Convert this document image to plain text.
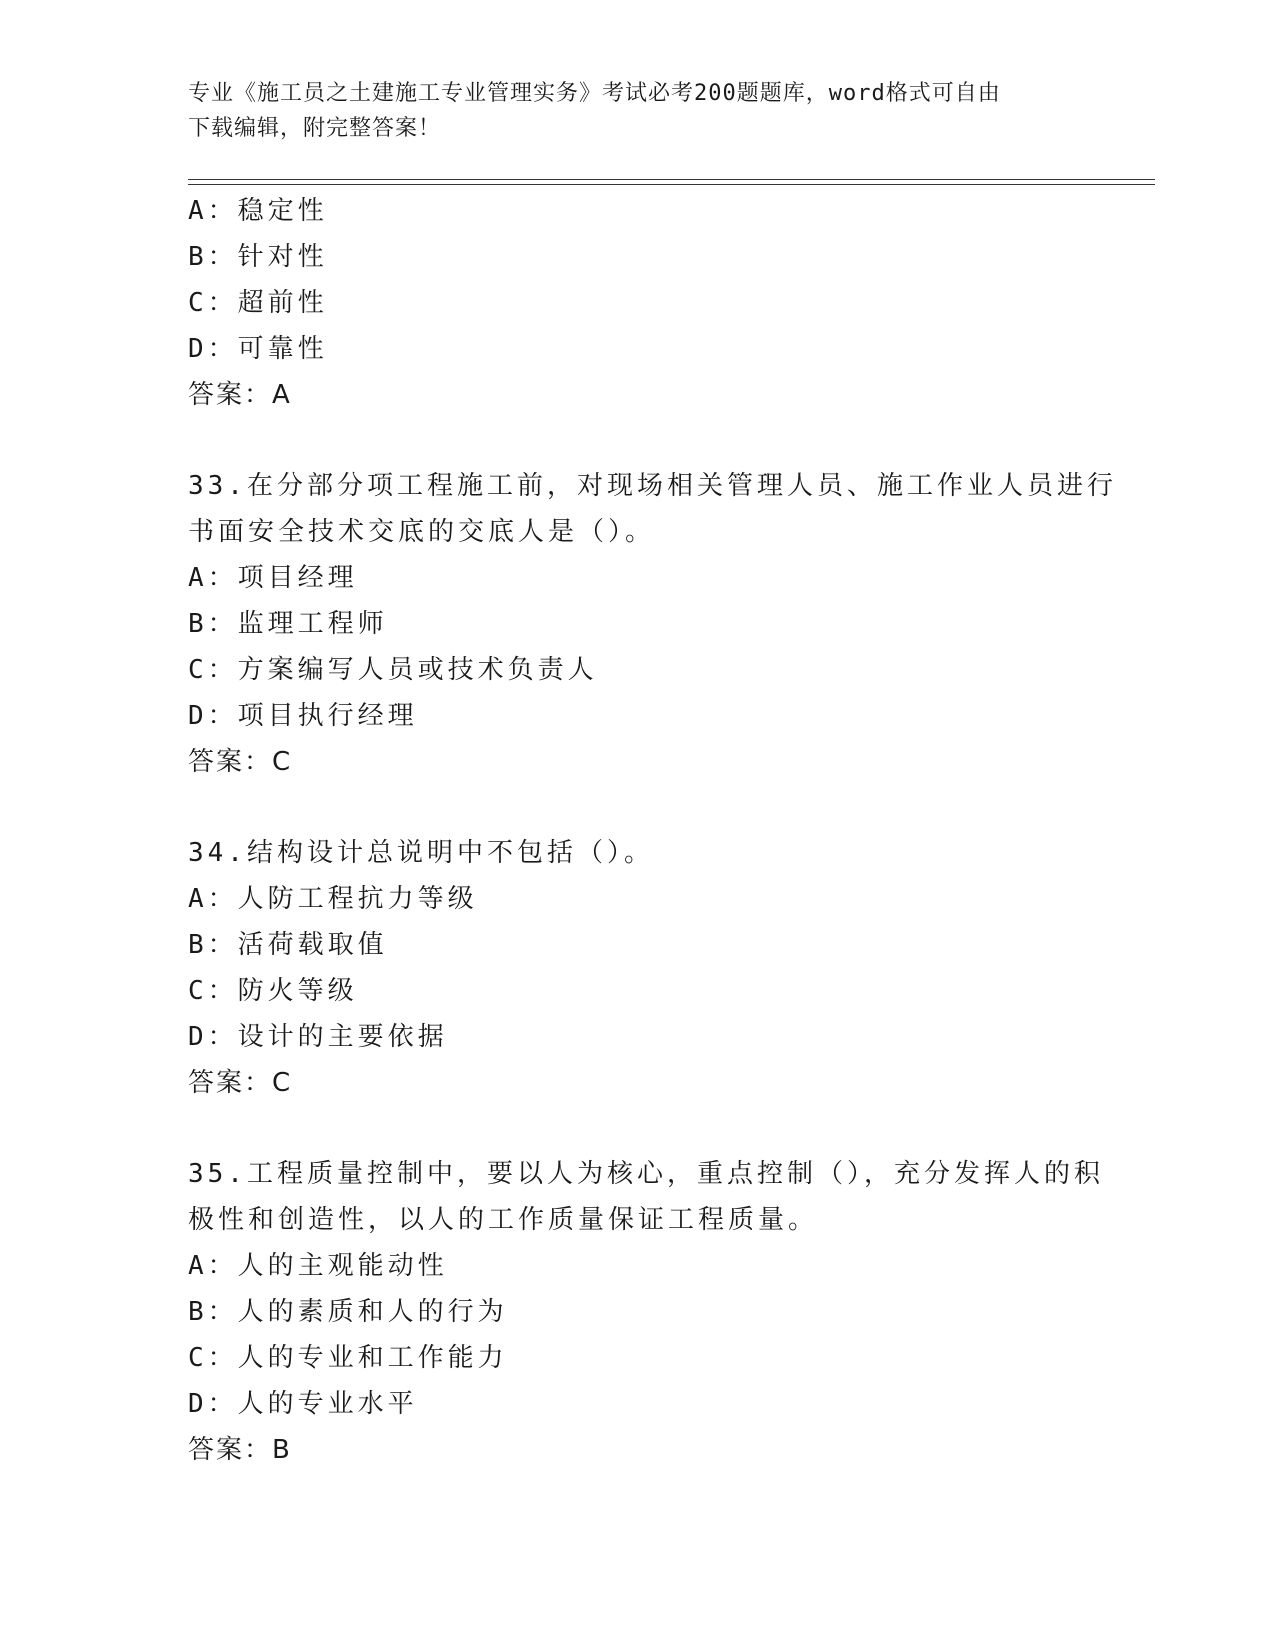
专业《施工员之土建施工专业管理实务》考试必考200题题库，word格式可自由
下载编辑，附完整答案！
A：稳定性
B：针对性
C：超前性
D：可靠性
答案：A
33.在分部分项工程施工前，对现场相关管理人员、施工作业人员进行
书面安全技术交底的交底人是（）。
A：项目经理
B：监理工程师
C：方案编写人员或技术负责人
D：项目执行经理
答案：C
34.结构设计总说明中不包括（）。
A：人防工程抗力等级
B：活荷载取值
C：防火等级
D：设计的主要依据
答案：C
35.工程质量控制中，要以人为核心，重点控制（），充分发挥人的积
极性和创造性，以人的工作质量保证工程质量。
A：人的主观能动性
B：人的素质和人的行为
C：人的专业和工作能力
D：人的专业水平
答案：B
